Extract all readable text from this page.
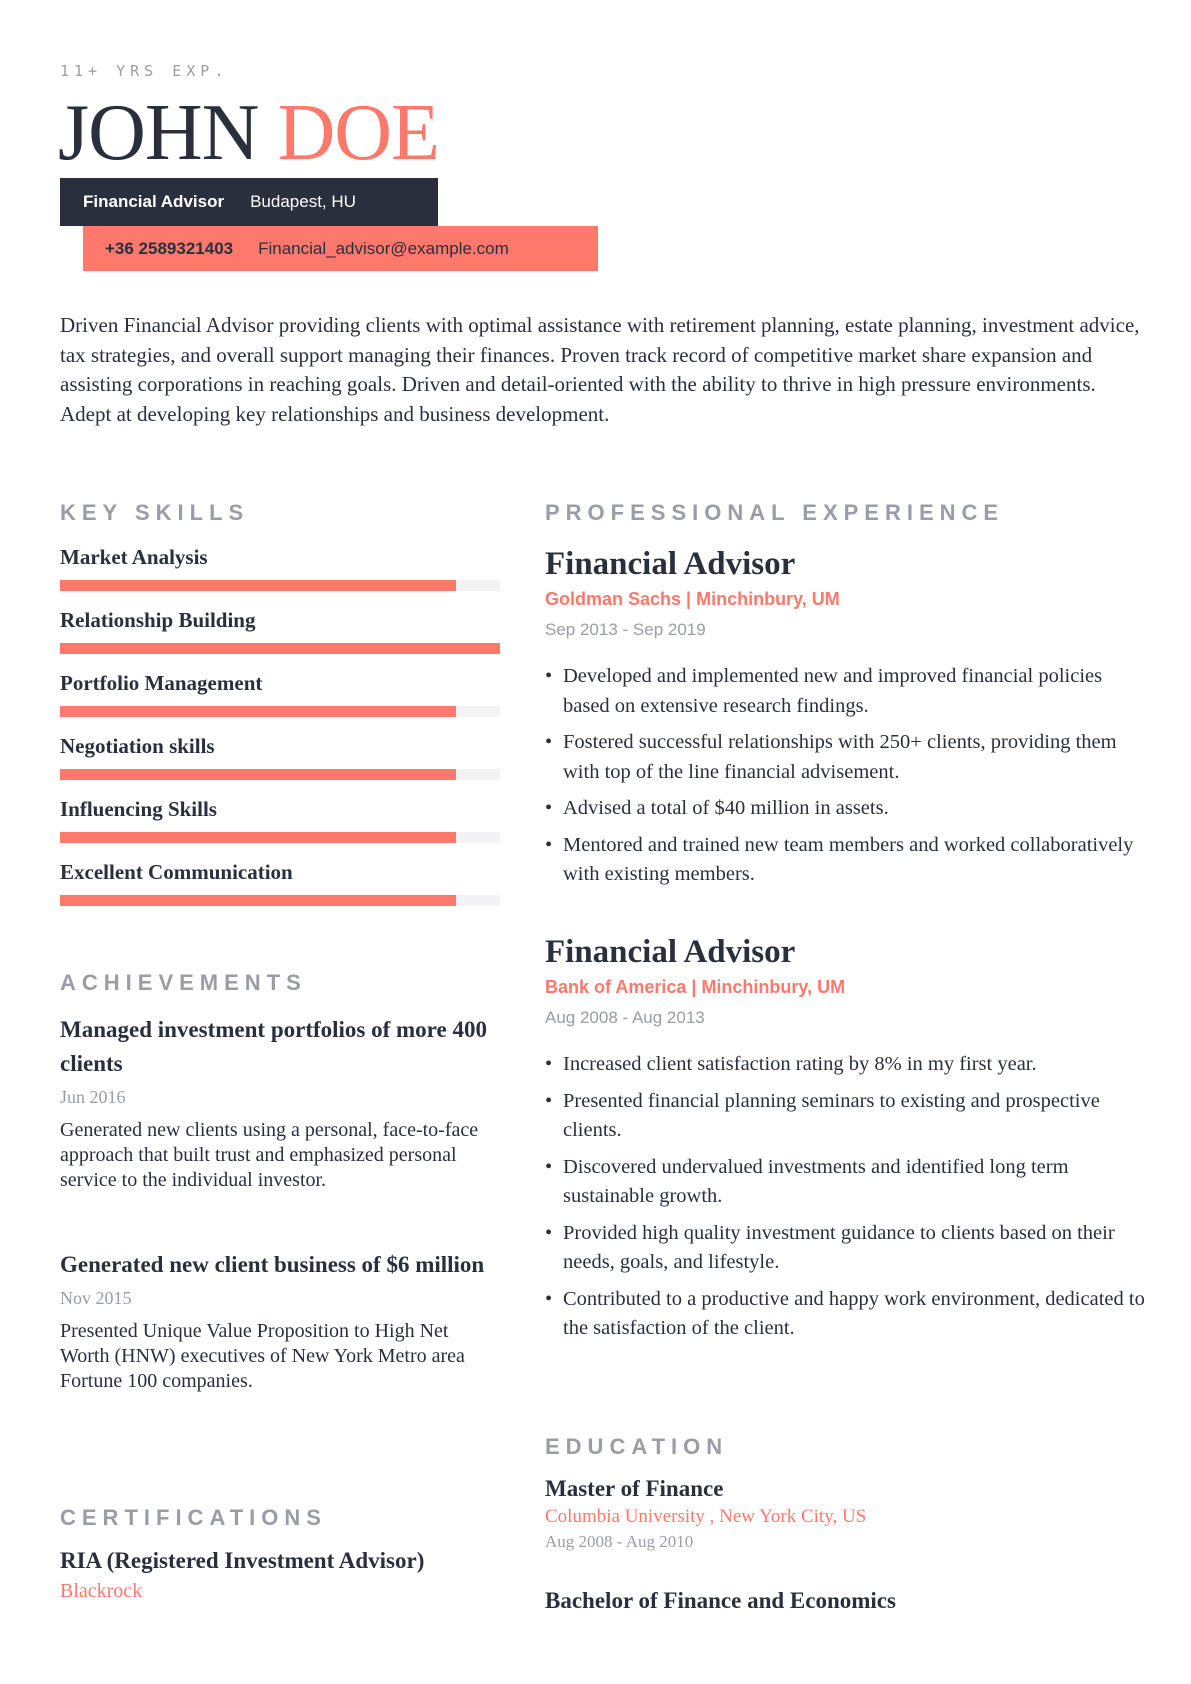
11+ YRS EXP.
JOHN DOE
Financial Advisor Budapest, HU
+36 2589321403 Financial_advisor@example.com
Driven Financial Advisor providing clients with optimal assistance with retirement planning, estate planning, investment advice, tax strategies, and overall support managing their finances. Proven track record of competitive market share expansion and assisting corporations in reaching goals. Driven and detail-oriented with the ability to thrive in high pressure environments. Adept at developing key relationships and business development.
KEY SKILLS
Market Analysis
Relationship Building
Portfolio Management
Negotiation skills
Influencing Skills
Excellent Communication
ACHIEVEMENTS
Managed investment portfolios of more 400 clients
Jun 2016
Generated new clients using a personal, face-to-face approach that built trust and emphasized personal service to the individual investor.
Generated new client business of $6 million
Nov 2015
Presented Unique Value Proposition to High Net Worth (HNW) executives of New York Metro area Fortune 100 companies.
CERTIFICATIONS
RIA (Registered Investment Advisor)
Blackrock
PROFESSIONAL EXPERIENCE
Financial Advisor
Goldman Sachs | Minchinbury, UM
Sep 2013 - Sep 2019
• Developed and implemented new and improved financial policies based on extensive research findings.
• Fostered successful relationships with 250+ clients, providing them with top of the line financial advisement.
• Advised a total of $40 million in assets.
• Mentored and trained new team members and worked collaboratively with existing members.
Financial Advisor
Bank of America | Minchinbury, UM
Aug 2008 - Aug 2013
• Increased client satisfaction rating by 8% in my first year.
• Presented financial planning seminars to existing and prospective clients.
• Discovered undervalued investments and identified long term sustainable growth.
• Provided high quality investment guidance to clients based on their needs, goals, and lifestyle.
• Contributed to a productive and happy work environment, dedicated to the satisfaction of the client.
EDUCATION
Master of Finance
Columbia University , New York City, US
Aug 2008 - Aug 2010
Bachelor of Finance and Economics
